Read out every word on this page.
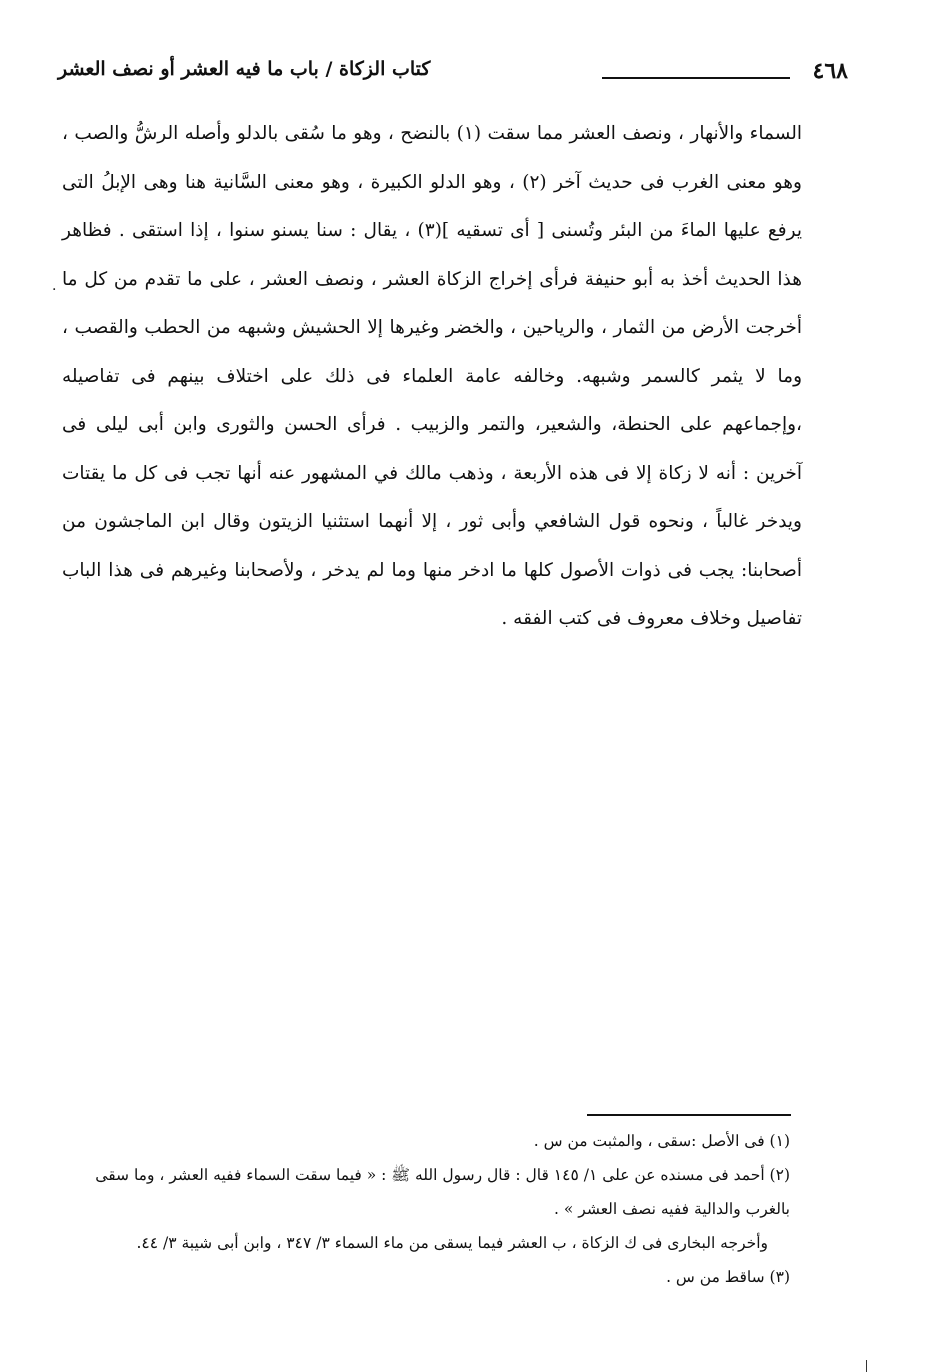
٤٦٨
كتاب الزكاة / باب ما فيه العشر أو نصف العشر

السماء والأنهار ، ونصف العشر مما سقت (١) بالنضح ، وهو ما سُقى بالدلو وأصله الرشُّ والصب ، وهو معنى الغرب فى حديث آخر (٢) ، وهو الدلو الكبيرة ، وهو معنى السَّانية هنا وهى الإبلُ التى يرفع عليها الماءَ من البئر وتُسنى [ أى تسقيه ](٣) ، يقال : سنا يسنو سنوا ، إذا استقى . فظاهر هذا الحديث أخذ به أبو حنيفة فرأى إخراج الزكاة العشر ، ونصف العشر ، على ما تقدم من كل ما أخرجت الأرض من الثمار ، والرياحين ، والخضر وغيرها إلا الحشيش وشبهه من الحطب والقصب ، وما لا يثمر كالسمر وشبهه. وخالفه عامة العلماء فى ذلك على اختلاف بينهم فى تفاصيله ،وإجماعهم على الحنطة، والشعير، والتمر والزبيب . فرأى الحسن والثورى وابن أبى ليلى فى آخرين : أنه لا زكاة إلا فى هذه الأربعة ، وذهب مالك في المشهور عنه أنها تجب فى كل ما يقتات ويدخر غالباً ، ونحوه قول الشافعي وأبى ثور ، إلا أنهما استثنيا الزيتون وقال ابن الماجشون من أصحابنا: يجب فى ذوات الأصول كلها ما ادخر منها وما لم يدخر ، ولأصحابنا وغيرهم فى هذا الباب تفاصيل وخلاف معروف فى كتب الفقه .

·

(١) فى الأصل :سقى ، والمثبت من س .

(٢) أحمد فى مسنده عن على ١/ ١٤٥ قال : قال رسول الله ﷺ : « فيما سقت السماء ففيه العشر ، وما سقى بالغرب والدالية ففيه نصف العشر » .

وأخرجه البخارى فى ك الزكاة ، ب العشر فيما يسقى من ماء السماء ٣/ ٣٤٧ ، وابن أبى شيبة ٣/ ٤٤.

(٣) ساقط من س .
